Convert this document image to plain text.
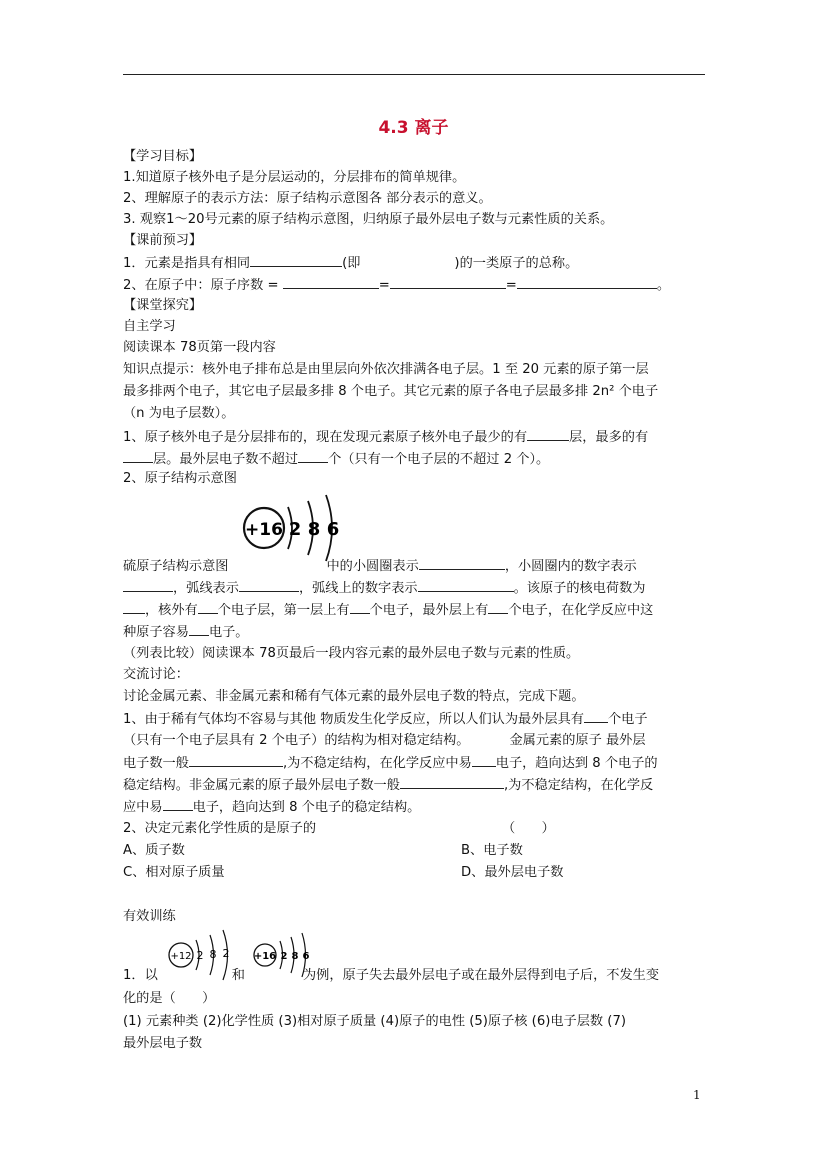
4.3 离子
【学习目标】
1.知道原子核外电子是分层运动的，分层排布的简单规律。
2、理解原子的表示方法：原子结构示意图各 部分表示的意义。
3. 观察1～20号元素的原子结构示意图，归纳原子最外层电子数与元素性质的关系。
【课前预习】
1．元素是指具有相同	(即	)的一类原子的总称。
2、在原子中：原子序数 =	=	=	。
【课堂探究】
自主学习
阅读课本 78页第一段内容
知识点提示：核外电子排布总是由里层向外依次排满各电子层。1 至 20 元素的原子第一层
最多排两个电子，其它电子层最多排 8 个电子。其它元素的原子各电子层最多排 2n² 个电子
（n 为电子层数）。
1、原子核外电子是分层排布的，现在发现元素原子核外电子最少的有	层，最多的有
层。最外层电子数不超过 个（只有一个电子层的不超过 2 个）。
2、原子结构示意图
+16 2 8 6
硫原子结构示意图	中的小圆圈表示	，小圆圈内的数字表示
，弧线表示	，弧线上的数字表示	。该原子的核电荷数为
，核外有 个电子层，第一层上有 个电子，最外层上有 个电子，在化学反应中这
种原子容易 电子。
（列表比较）阅读课本 78页最后一段内容元素的最外层电子数与元素的性质。
交流讨论：
讨论金属元素、非金属元素和稀有气体元素的最外层电子数的特点，完成下题。
1、由于稀有气体均不容易与其他 物质发生化学反应，所以人们认为最外层具有 个电子
（只有一个电子层具有 2 个电子）的结构为相对稳定结构。	金属元素的原子 最外层
电子数一般	,为不稳定结构，在化学反应中易 电子，趋向达到 8 个电子的
稳定结构。非金属元素的原子最外层电子数一般	,为不稳定结构，在化学反
应中易 电子，趋向达到 8 个电子的稳定结构。
2、决定元素化学性质的是原子的	（　　）
A、质子数	B、电子数
C、相对原子质量	D、最外层电子数
有效训练
+12 2 8 2 +16 2 8 6
1．以	和	为例，原子失去最外层电子或在最外层得到电子后，不发生变
化的是（　　）
(1) 元素种类 (2)化学性质 (3)相对原子质量 (4)原子的电性 (5)原子核 (6)电子层数 (7)
最外层电子数
1
